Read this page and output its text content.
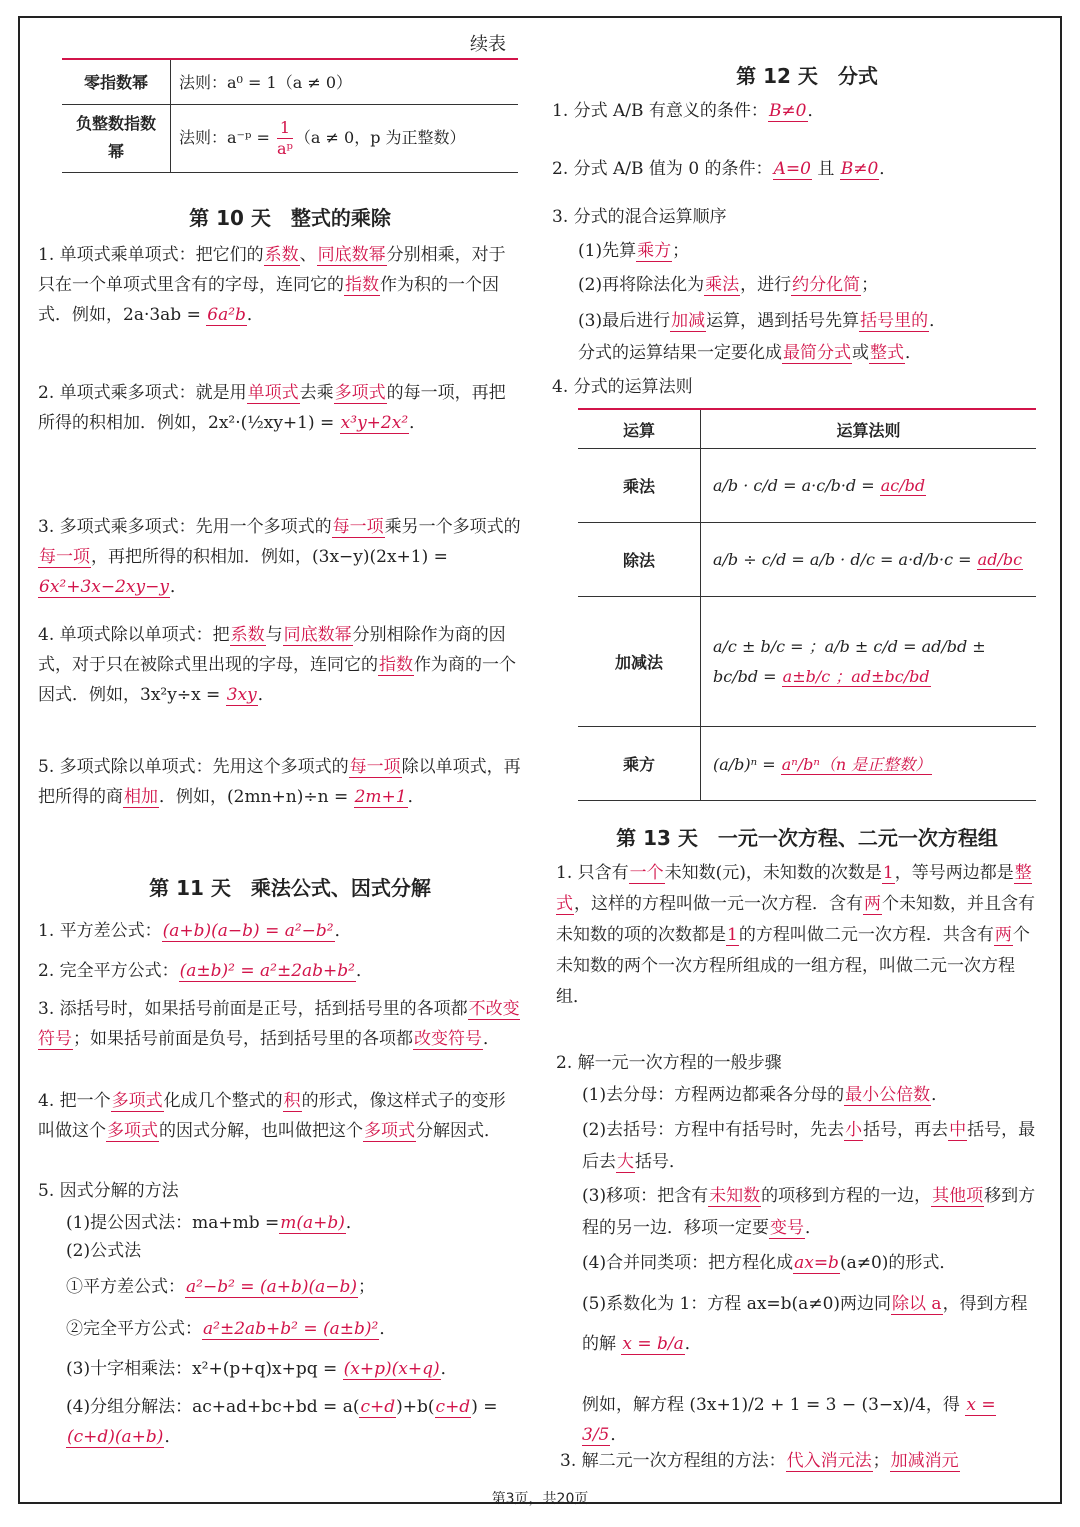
续表
零指数幂	法则：a⁰ = 1（a ≠ 0）
负整数指数幂	法则：a⁻ᵖ = $\frac{1}{\text{aᵖ}} (a \ne 0$，p 为正整数）
第 10 天　整式的乘除
1. 单项式乘单项式：把它们的系数、同底数幂分别相乘，对于只在一个单项式里含有的字母，连同它的指数作为积的一个因式．例如，2a·3ab = 6a²b．
2. 单项式乘多项式：就是用单项式去乘多项式的每一项，再把所得的积相加．例如，2x²·(½xy+1) = x³y+2x²．
3. 多项式乘多项式：先用一个多项式的每一项乘另一个多项式的每一项，再把所得的积相加．例如，(3x−y)(2x+1) = 6x²+3x−2xy−y．
4. 单项式除以单项式：把系数与同底数幂分别相除作为商的因式，对于只在被除式里出现的字母，连同它的指数作为商的一个因式．例如，3x²y÷x = 3xy．
5. 多项式除以单项式：先用这个多项式的每一项除以单项式，再把所得的商相加．例如，(2mn+n)÷n = 2m+1．
第 11 天　乘法公式、因式分解
1. 平方差公式：(a+b)(a−b) = a²−b²．
2. 完全平方公式：(a±b)² = a²±2ab+b²．
3. 添括号时，如果括号前面是正号，括到括号里的各项都不改变符号；如果括号前面是负号，括到括号里的各项都改变符号．
4. 把一个多项式化成几个整式的积的形式，像这样式子的变形叫做这个多项式的因式分解，也叫做把这个多项式分解因式．
5. 因式分解的方法
(1)提公因式法：ma+mb =m(a+b)．
(2)公式法
①平方差公式：a²−b² = (a+b)(a−b)；
②完全平方公式：a²±2ab+b² = (a±b)²．
(3)十字相乘法：x²+(p+q)x+pq = (x+p)(x+q)．
(4)分组分解法：ac+ad+bc+bd = a(c+d)+b(c+d) = (c+d)(a+b)．
第 12 天　分式
1. 分式 A/B 有意义的条件：B≠0．
2. 分式 A/B 值为 0 的条件：A=0 且 B≠0．
3. 分式的混合运算顺序
(1)先算乘方；
(2)再将除法化为乘法，进行约分化简；
(3)最后进行加减运算，遇到括号先算括号里的．
分式的运算结果一定要化成最简分式或整式．
4. 分式的运算法则
运算	运算法则
乘法	a/b · c/d = a·c/b·d = ac/bd
除法	a/b ÷ c/d = a/b · d/c = a·d/b·c = ad/bc
加减法	a/c ± b/c = ；a/b ± c/d = ad/bd ± bc/bd = a±b/c ；ad±bc/bd
乘方	(a/b)ⁿ = aⁿ/bⁿ（n 是正整数）
第 13 天　一元一次方程、二元一次方程组
1. 只含有一个未知数(元)，未知数的次数是1，等号两边都是整式，这样的方程叫做一元一次方程．含有两个未知数，并且含有未知数的项的次数都是1的方程叫做二元一次方程．共含有两个未知数的两个一次方程所组成的一组方程，叫做二元一次方程组．
2. 解一元一次方程的一般步骤
(1)去分母：方程两边都乘各分母的最小公倍数．
(2)去括号：方程中有括号时，先去小括号，再去中括号，最后去大括号．
(3)移项：把含有未知数的项移到方程的一边，其他项移到方程的另一边．移项一定要变号．
(4)合并同类项：把方程化成ax=b(a≠0)的形式．
(5)系数化为 1：方程 ax=b(a≠0)两边同除以 a，得到方程的解 x = b/a．
例如，解方程 (3x+1)/2 + 1 = 3 − (3−x)/4，得 x = 3/5．
3. 解二元一次方程组的方法：代入消元法；加减消元
第3页，共20页
